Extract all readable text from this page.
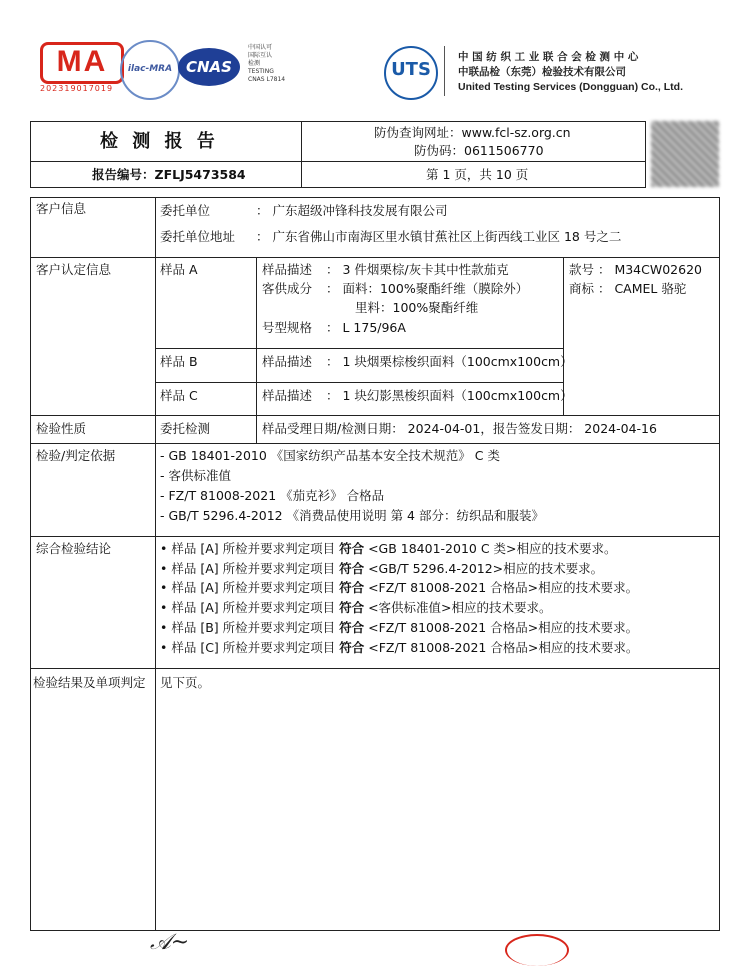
MA
202319017019
ilac-MRA CNAS
中国认可
国际互认
检测
TESTING
CNAS L7814	UTS
中 国 纺 织 工 业 联 合 会 检 测 中 心
中联品检（东莞）检验技术有限公司
United Testing Services (Dongguan) Co., Ltd.
检 测 报 告	防伪查询网址：www.fcl-sz.org.cn
防伪码：0611506770
报告编号：ZFLJ5473584	第 1 页，共 10 页
客户信息	委托单位	： 广东超级冲锋科技发展有限公司
委托单位地址 ： 广东省佛山市南海区里水镇甘蕉社区上街西线工业区 18 号之二
客户认定信息	样品 A	样品描述 ： 3 件烟栗棕/灰卡其中性款茄克
客供成分 ： 面料：100%聚酯纤维（膜除外）
里料：100%聚酯纤维
号型规格 ： L 175/96A
款号 ： M34CW02620
商标 ： CAMEL 骆驼
样品 B	样品描述 ： 1 块烟栗棕梭织面料（100cmx100cm）
样品 C	样品描述 ： 1 块幻影黑梭织面料（100cmx100cm）
检验性质	委托检测	样品受理日期/检测日期： 2024-04-01，报告签发日期： 2024-04-16
检验/判定依据	- GB 18401-2010 《国家纺织产品基本安全技术规范》 C 类
- 客供标准值
- FZ/T 81008-2021 《茄克衫》 合格品
- GB/T 5296.4-2012 《消费品使用说明 第 4 部分：纺织品和服装》
综合检验结论	• 样品 [A] 所检并要求判定项目 符合 <GB 18401-2010 C 类>相应的技术要求。
• 样品 [A] 所检并要求判定项目 符合 <GB/T 5296.4-2012>相应的技术要求。
• 样品 [A] 所检并要求判定项目 符合 <FZ/T 81008-2021 合格品>相应的技术要求。
• 样品 [A] 所检并要求判定项目 符合 <客供标准值>相应的技术要求。
• 样品 [B] 所检并要求判定项目 符合 <FZ/T 81008-2021 合格品>相应的技术要求。
• 样品 [C] 所检并要求判定项目 符合 <FZ/T 81008-2021 合格品>相应的技术要求。
检验结果及单项判定 见下页。
𝒜~
